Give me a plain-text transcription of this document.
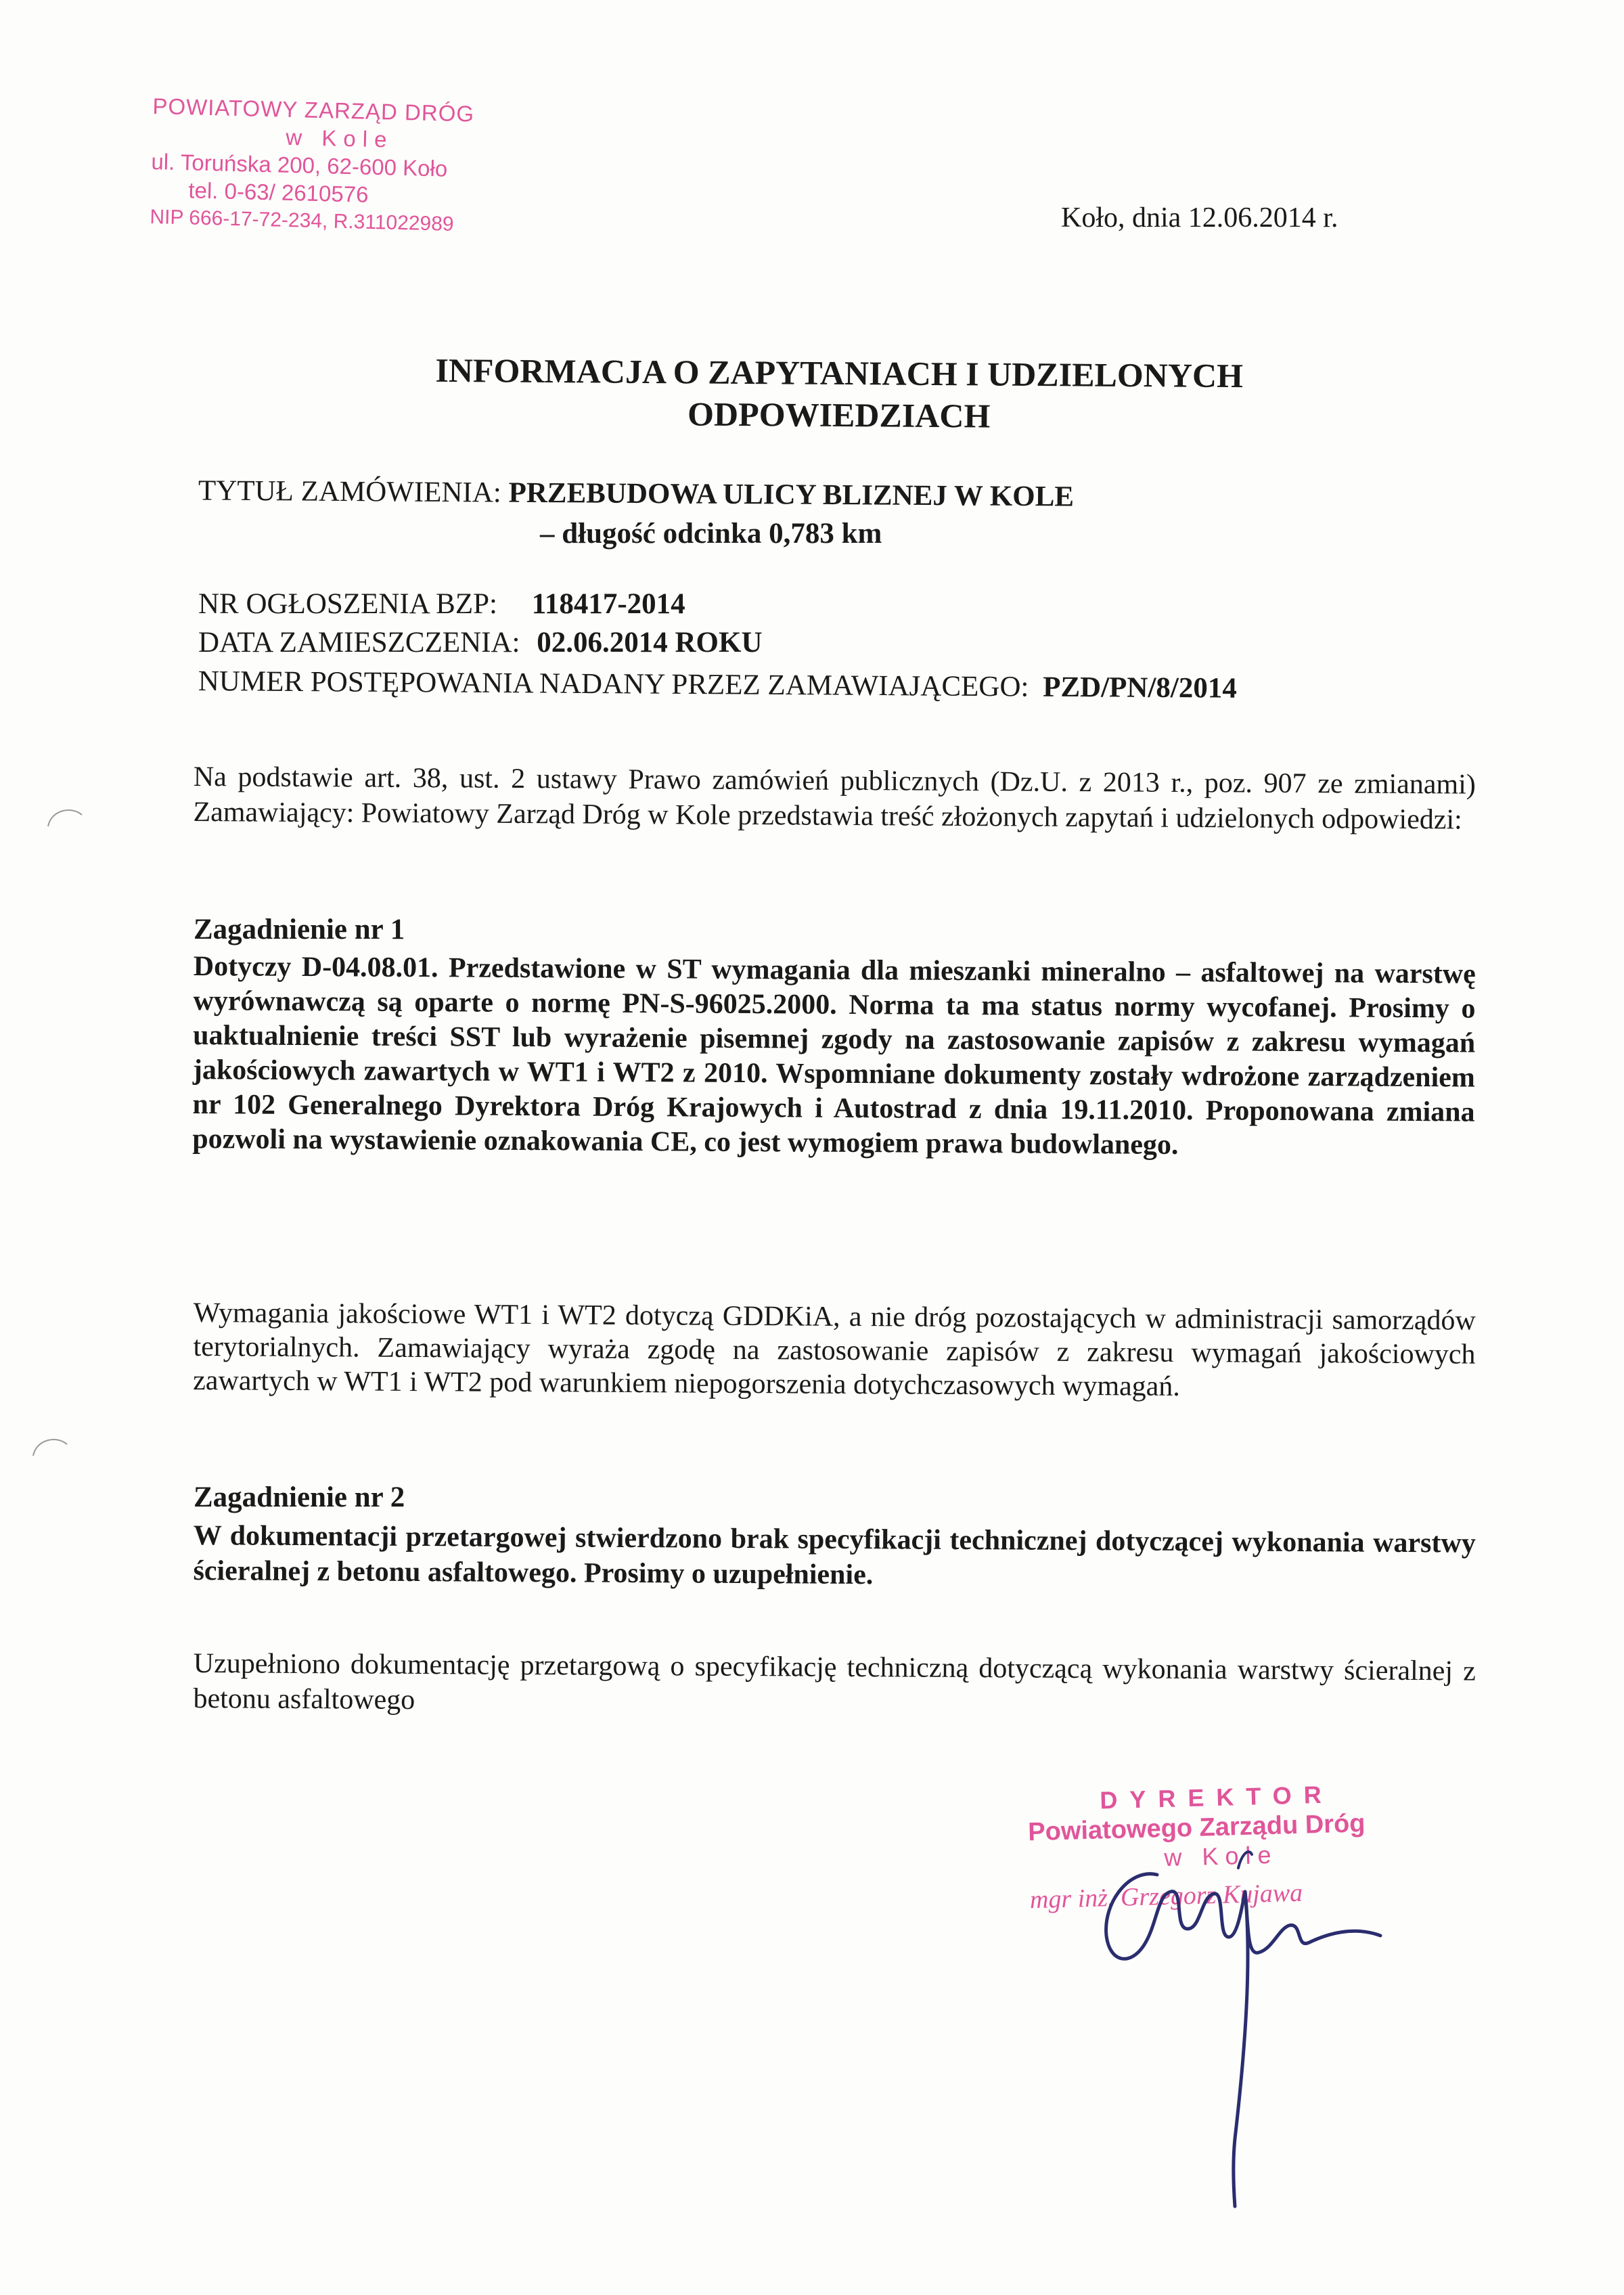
POWIATOWY ZARZĄD DRÓG
w Kole
ul. Toruńska 200, 62-600 Koło
tel. 0-63/ 2610576
NIP 666-17-72-234, R.311022989	Koło, dnia 12.06.2014 r.
INFORMACJA O ZAPYTANIACH I UDZIELONYCH
ODPOWIEDZIACH
TYTUŁ ZAMÓWIENIA: PRZEBUDOWA ULICY BLIZNEJ W KOLE
– długość odcinka 0,783 km
NR OGŁOSZENIA BZP: 118417-2014
DATA ZAMIESZCZENIA: 02.06.2014 ROKU
NUMER POSTĘPOWANIA NADANY PRZEZ ZAMAWIAJĄCEGO: PZD/PN/8/2014
Na podstawie art. 38, ust. 2 ustawy Prawo zamówień publicznych (Dz.U. z 2013 r., poz. 907 ze zmianami) Zamawiający: Powiatowy Zarząd Dróg w Kole przedstawia treść złożonych zapytań i udzielonych odpowiedzi:
Zagadnienie nr 1
Dotyczy D-04.08.01. Przedstawione w ST wymagania dla mieszanki mineralno – asfaltowej na warstwę wyrównawczą są oparte o normę PN-S-96025.2000. Norma ta ma status normy wycofanej. Prosimy o uaktualnienie treści SST lub wyrażenie pisemnej zgody na zastosowanie zapisów z zakresu wymagań jakościowych zawartych w WT1 i WT2 z 2010. Wspomniane dokumenty zostały wdrożone zarządzeniem nr 102 Generalnego Dyrektora Dróg Krajowych i Autostrad z dnia 19.11.2010. Proponowana zmiana pozwoli na wystawienie oznakowania CE, co jest wymogiem prawa budowlanego.
Wymagania jakościowe WT1 i WT2 dotyczą GDDKiA, a nie dróg pozostających w administracji samorządów terytorialnych. Zamawiający wyraża zgodę na zastosowanie zapisów z zakresu wymagań jakościowych zawartych w WT1 i WT2 pod warunkiem niepogorszenia dotychczasowych wymagań.
Zagadnienie nr 2
W dokumentacji przetargowej stwierdzono brak specyfikacji technicznej dotyczącej wykonania warstwy ścieralnej z betonu asfaltowego. Prosimy o uzupełnienie.
Uzupełniono dokumentację przetargową o specyfikację techniczną dotyczącą wykonania warstwy ścieralnej z betonu asfaltowego
DYREKTOR
Powiatowego Zarządu Dróg
w Kole
mgr inż. Grzegorz Kujawa
